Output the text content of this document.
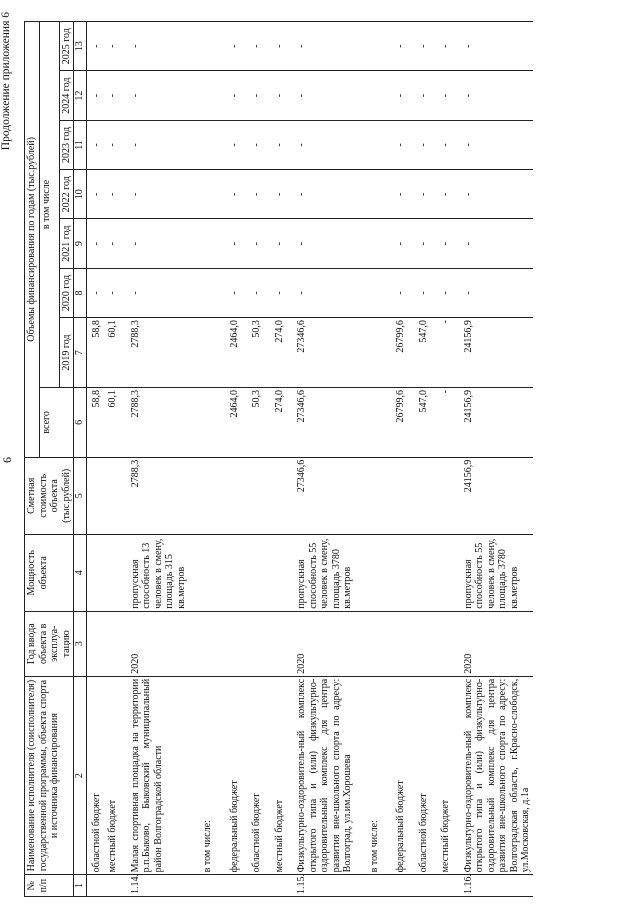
6
Продолжение приложения 6
№ п/п	Наименование исполнителя (соисполнителя) государственной программы, объекта спорта и источника финансирования	Год ввода объекта в эксплуа-тацию	Мощность объекта	Сметная стоимость объекта (тыс.рублей)	Объемы финансирования по годам (тыс.рублей)							
					всего	в том числе						
						2019 год	2020 год	2021 год	2022 год	2023 год	2024 год	2025 год
1	2	3	4	5	6	7	8	9	10	11	12	13
	областной бюджет				58,8	58,8	-	-	-	-	-	-
	местный бюджет				60,1	60,1	-	-	-	-	-	-
1.14.	Малая спортивная площадка на территории р.п.Быково, Быковский муниципальный район Волгоградской области	2020	пропускная способность 13 человек в смену, площадь 315 кв.метров	2788,3	2788,3	2788,3	-	-	-	-	-	-
	в том числе:											
	федеральный бюджет				2464,0	2464,0	-	-	-	-	-	-
	областной бюджет				50,3	50,3	-	-	-	-	-	-
	местный бюджет				274,0	274,0	-	-	-	-	-	-
1.15.	Физкультурно-оздоровитель-ный комплекс открытого типа и (или) физкультурно-оздоровительный комплекс для центра развития вне-школьного спорта по адресу: Волгоград, ул.им.Хорошева	2020	пропускная способность 55 человек в смену, площадь 3780 кв.метров	27346,6	27346,6	27346,6	-	-	-	-	-	-
	в том числе:											
	федеральный бюджет				26799,6	26799,6	-	-	-	-	-	-
	областной бюджет				547,0	547,0	-	-	-	-	-	-
	местный бюджет				-	-	-	-	-	-	-	-
1.16.	Физкультурно-оздоровитель-ный комплекс открытого типа и (или) физкультурно-оздоровительный комплекс для центра развития вне-школьного спорта по адресу: Волгоградская область, г.Красно-слободск, ул.Московская, д.1а	2020	пропускная способность 55 человек в смену, площадь 3780 кв.метров	24156,9	24156,9	24156,9	-	-	-	-	-	-
